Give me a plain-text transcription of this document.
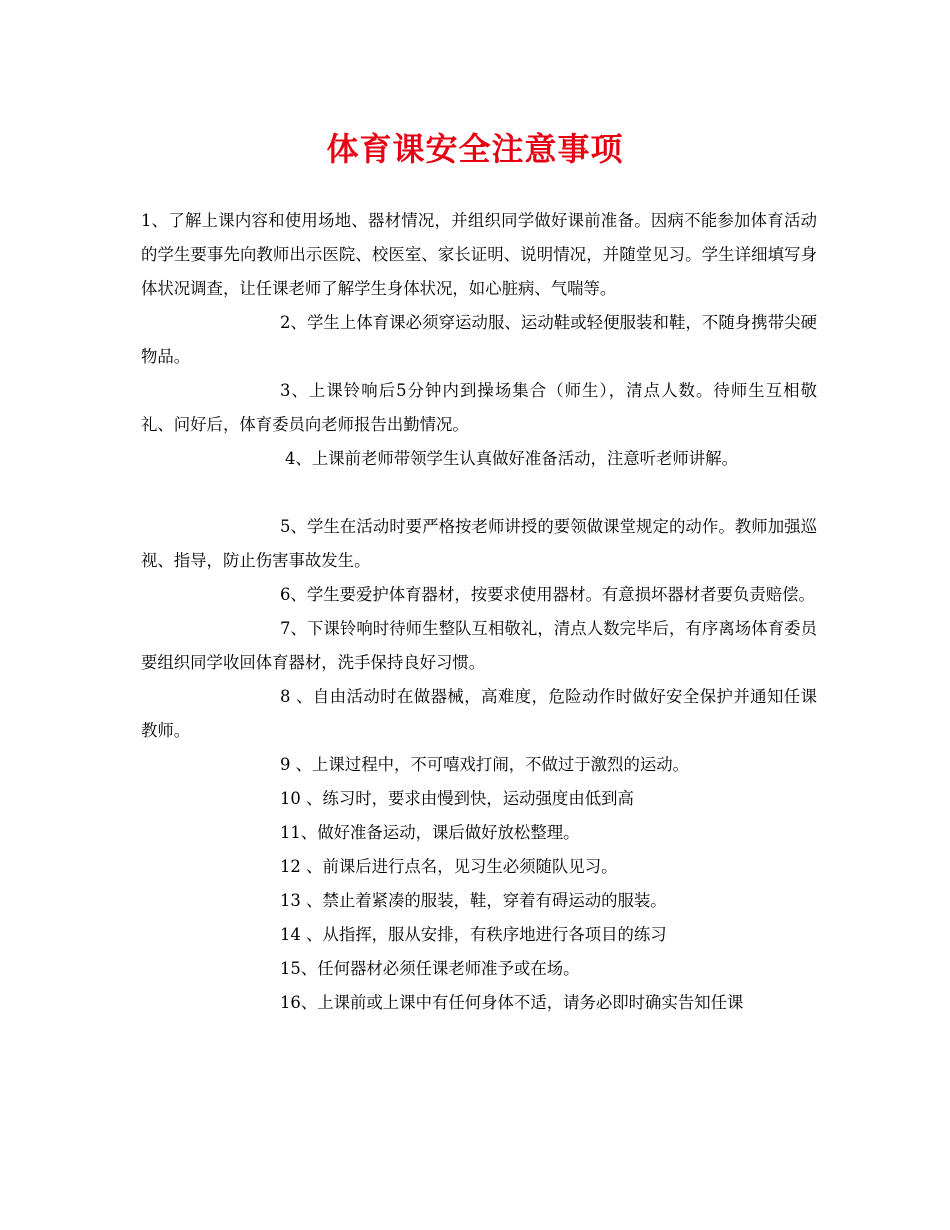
体育课安全注意事项

1、了解上课内容和使用场地、器材情况，并组织同学做好课前准备。因病不能参加体育活动的学生要事先向教师出示医院、校医室、家长证明、说明情况，并随堂见习。学生详细填写身体状况调查，让任课老师了解学生身体状况，如心脏病、气喘等。

2、学生上体育课必须穿运动服、运动鞋或轻便服装和鞋，不随身携带尖硬物品。

3、上课铃响后5分钟内到操场集合（师生），清点人数。待师生互相敬礼、问好后，体育委员向老师报告出勤情况。

4、上课前老师带领学生认真做好准备活动，注意听老师讲解。

5、学生在活动时要严格按老师讲授的要领做课堂规定的动作。教师加强巡视、指导，防止伤害事故发生。

6、学生要爱护体育器材，按要求使用器材。有意损坏器材者要负责赔偿。

7、下课铃响时待师生整队互相敬礼，清点人数完毕后，有序离场体育委员要组织同学收回体育器材，洗手保持良好习惯。

8 、自由活动时在做器械，高难度，危险动作时做好安全保护并通知任课教师。

9 、上课过程中，不可嘻戏打闹，不做过于激烈的运动。

10 、练习时，要求由慢到快，运动强度由低到高

11、做好准备运动，课后做好放松整理。

12 、前课后进行点名，见习生必须随队见习。

13 、禁止着紧凑的服装，鞋，穿着有碍运动的服装。

14 、从指挥，服从安排，有秩序地进行各项目的练习

15、任何器材必须任课老师准予或在场。

16、上课前或上课中有任何身体不适，请务必即时确实告知任课
